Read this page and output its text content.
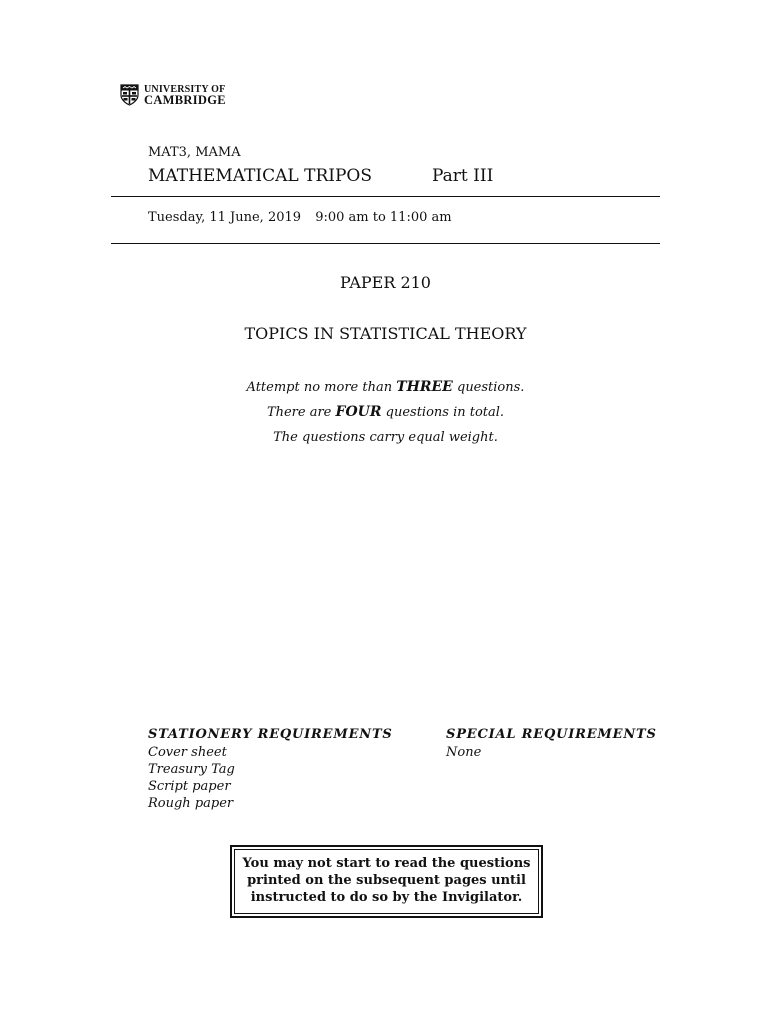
UNIVERSITY OF
CAMBRIDGE
MAT3, MAMA
MATHEMATICAL TRIPOS	Part III
Tuesday, 11 June, 2019 9:00 am to 11:00 am
PAPER 210
TOPICS IN STATISTICAL THEORY
Attempt no more than THREE questions.
There are FOUR questions in total.
The questions carry equal weight.
STATIONERY REQUIREMENTS
Cover sheet
Treasury Tag
Script paper
Rough paper
SPECIAL REQUIREMENTS
None
You may not start to read the questions
printed on the subsequent pages until
instructed to do so by the Invigilator.
